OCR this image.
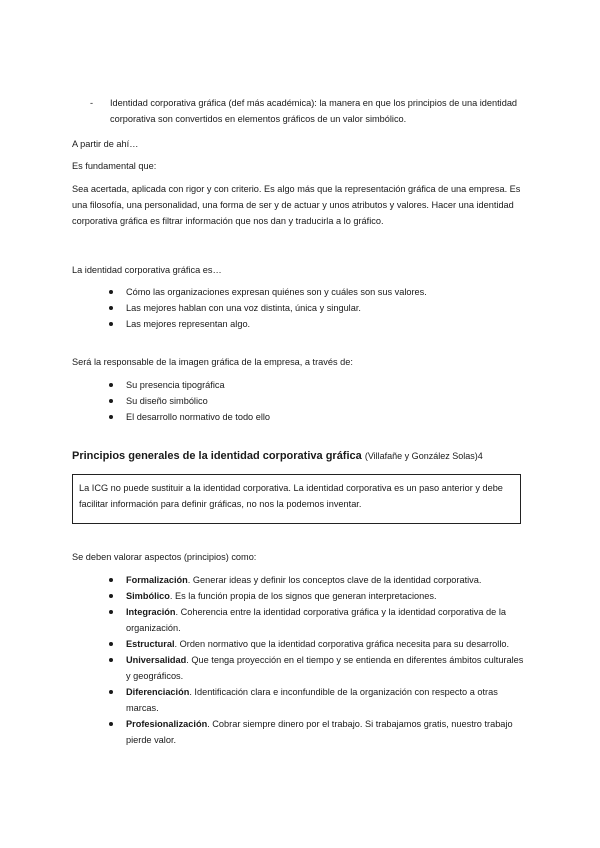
- Identidad corporativa gráfica (def más académica): la manera en que los principios de una identidad corporativa son convertidos en elementos gráficos de un valor simbólico.

A partir de ahí…

Es fundamental que:

Sea acertada, aplicada con rigor y con criterio. Es algo más que la representación gráfica de una empresa. Es una filosofía, una personalidad, una forma de ser y de actuar y unos atributos y valores. Hacer una identidad corporativa gráfica es filtrar información que nos dan y traducirla a lo gráfico.

La identidad corporativa gráfica es…

Cómo las organizaciones expresan quiénes son y cuáles son sus valores.
Las mejores hablan con una voz distinta, única y singular.
Las mejores representan algo.

Será la responsable de la imagen gráfica de la empresa, a través de:

Su presencia tipográfica
Su diseño simbólico
El desarrollo normativo de todo ello
Principios generales de la identidad corporativa gráfica (Villafañe y González Solas)4

La ICG no puede sustituir a la identidad corporativa. La identidad corporativa es un paso anterior y debe facilitar información para definir gráficas, no nos la podemos inventar.

Se deben valorar aspectos (principios) como:

Formalización. Generar ideas y definir los conceptos clave de la identidad corporativa.
Simbólico. Es la función propia de los signos que generan interpretaciones.
Integración. Coherencia entre la identidad corporativa gráfica y la identidad corporativa de la organización.
Estructural. Orden normativo que la identidad corporativa gráfica necesita para su desarrollo.
Universalidad. Que tenga proyección en el tiempo y se entienda en diferentes ámbitos culturales y geográficos.
Diferenciación. Identificación clara e inconfundible de la organización con respecto a otras marcas.
Profesionalización. Cobrar siempre dinero por el trabajo. Si trabajamos gratis, nuestro trabajo pierde valor.
